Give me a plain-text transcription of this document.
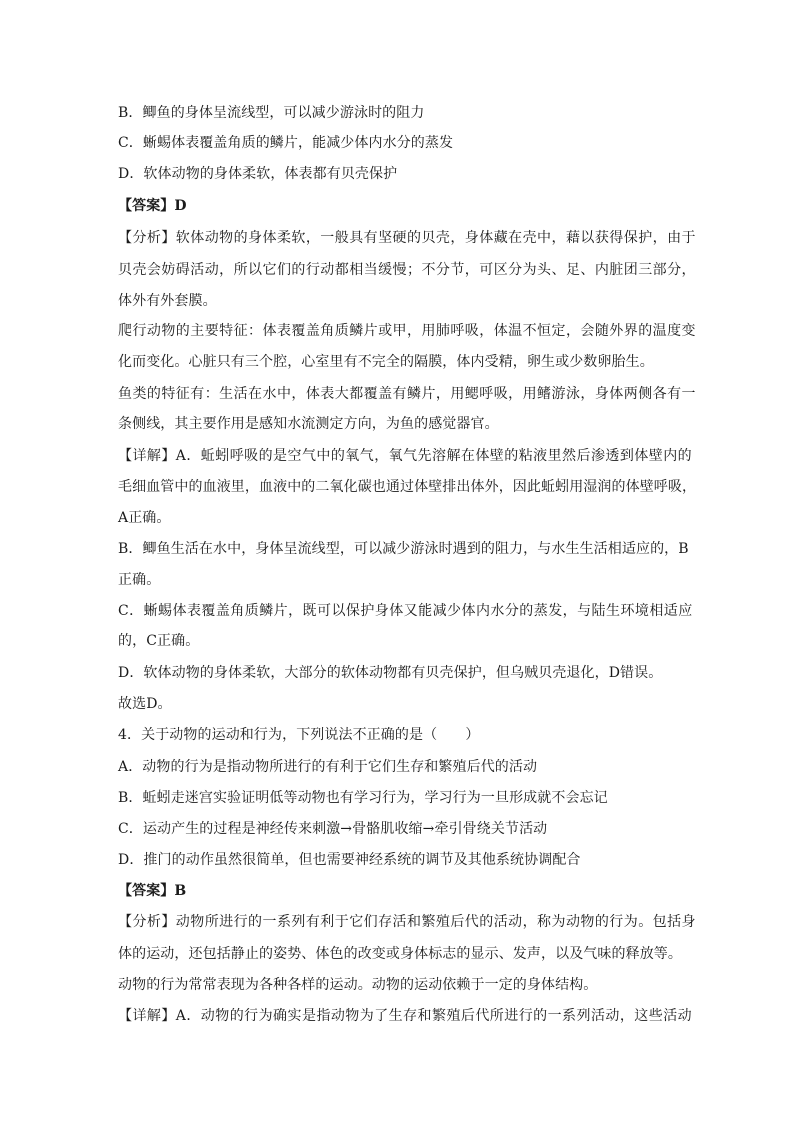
B．鲫鱼的身体呈流线型，可以减少游泳时的阻力

C．蜥蜴体表覆盖角质的鳞片，能减少体内水分的蒸发

D．软体动物的身体柔软，体表都有贝壳保护

【答案】D

【分析】软体动物的身体柔软，一般具有坚硬的贝壳，身体藏在壳中，藉以获得保护，由于

贝壳会妨碍活动，所以它们的行动都相当缓慢；不分节，可区分为头、足、内脏团三部分，

体外有外套膜。

爬行动物的主要特征：体表覆盖角质鳞片或甲，用肺呼吸，体温不恒定，会随外界的温度变

化而变化。心脏只有三个腔，心室里有不完全的隔膜，体内受精，卵生或少数卵胎生。

鱼类的特征有：生活在水中，体表大都覆盖有鳞片，用鳃呼吸，用鳍游泳，身体两侧各有一

条侧线，其主要作用是感知水流测定方向，为鱼的感觉器官。

【详解】A．蚯蚓呼吸的是空气中的氧气，氧气先溶解在体壁的粘液里然后渗透到体壁内的

毛细血管中的血液里，血液中的二氧化碳也通过体壁排出体外，因此蚯蚓用湿润的体壁呼吸，

A正确。

B．鲫鱼生活在水中，身体呈流线型，可以减少游泳时遇到的阻力，与水生生活相适应的，B

正确。

C．蜥蜴体表覆盖角质鳞片，既可以保护身体又能减少体内水分的蒸发，与陆生环境相适应

的，C正确。

D．软体动物的身体柔软，大部分的软体动物都有贝壳保护，但乌贼贝壳退化，D错误。

故选D。

4．关于动物的运动和行为，下列说法不正确的是（　　）

A．动物的行为是指动物所进行的有利于它们生存和繁殖后代的活动

B．蚯蚓走迷宫实验证明低等动物也有学习行为，学习行为一旦形成就不会忘记

C．运动产生的过程是神经传来刺激→骨骼肌收缩→牵引骨绕关节活动

D．推门的动作虽然很简单，但也需要神经系统的调节及其他系统协调配合

【答案】B

【分析】动物所进行的一系列有利于它们存活和繁殖后代的活动，称为动物的行为。包括身

体的运动，还包括静止的姿势、体色的改变或身体标志的显示、发声，以及气味的释放等。

动物的行为常常表现为各种各样的运动。动物的运动依赖于一定的身体结构。

【详解】A．动物的行为确实是指动物为了生存和繁殖后代所进行的一系列活动，这些活动
